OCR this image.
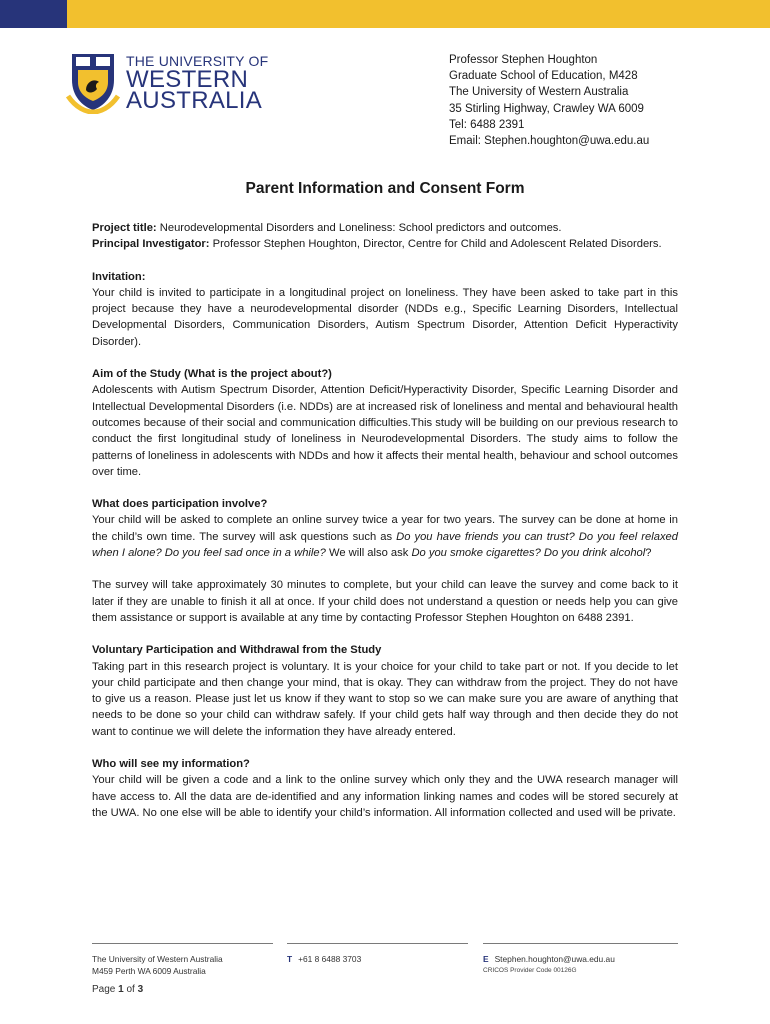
THE UNIVERSITY OF
WESTERN
AUSTRALIA
Professor Stephen Houghton
Graduate School of Education, M428
The University of Western Australia
35 Stirling Highway, Crawley WA 6009
Tel: 6488 2391
Email: Stephen.houghton@uwa.edu.au
Parent Information and Consent Form

Project title: Neurodevelopmental Disorders and Loneliness: School predictors and outcomes.

Principal Investigator: Professor Stephen Houghton, Director, Centre for Child and Adolescent Related Disorders.

Invitation:

Your child is invited to participate in a longitudinal project on loneliness. They have been asked to take part in this project because they have a neurodevelopmental disorder (NDDs e.g., Specific Learning Disorders, Intellectual Developmental Disorders, Communication Disorders, Autism Spectrum Disorder, Attention Deficit Hyperactivity Disorder).

Aim of the Study (What is the project about?)

Adolescents with Autism Spectrum Disorder, Attention Deficit/Hyperactivity Disorder, Specific Learning Disorder and Intellectual Developmental Disorders (i.e. NDDs) are at increased risk of loneliness and mental and behavioural health outcomes because of their social and communication difficulties.This study will be building on our previous research to conduct the first longitudinal study of loneliness in Neurodevelopmental Disorders. The study aims to follow the patterns of loneliness in adolescents with NDDs and how it affects their mental health, behaviour and school outcomes over time.

What does participation involve?

Your child will be asked to complete an online survey twice a year for two years. The survey can be done at home in the child’s own time. The survey will ask questions such as Do you have friends you can trust? Do you feel relaxed when I alone? Do you feel sad once in a while? We will also ask Do you smoke cigarettes? Do you drink alcohol?

The survey will take approximately 30 minutes to complete, but your child can leave the survey and come back to it later if they are unable to finish it all at once. If your child does not understand a question or needs help you can give them assistance or support is available at any time by contacting Professor Stephen Houghton on 6488 2391.

Voluntary Participation and Withdrawal from the Study

Taking part in this research project is voluntary. It is your choice for your child to take part or not. If you decide to let your child participate and then change your mind, that is okay. They can withdraw from the project. They do not have to give us a reason. Please just let us know if they want to stop so we can make sure you are aware of anything that needs to be done so your child can withdraw safely. If your child gets half way through and then decide they do not want to continue we will delete the information they have already entered.

Who will see my information?

Your child will be given a code and a link to the online survey which only they and the UWA research manager will have access to. All the data are de-identified and any information linking names and codes will be stored securely at the UWA. No one else will be able to identify your child’s information. All information collected and used will be private.

The University of Western Australia
M459 Perth WA 6009 Australia
T +61 8 6488 3703	E Stephen.houghton@uwa.edu.au
CRICOS Provider Code 00126G
Page 1 of 3
